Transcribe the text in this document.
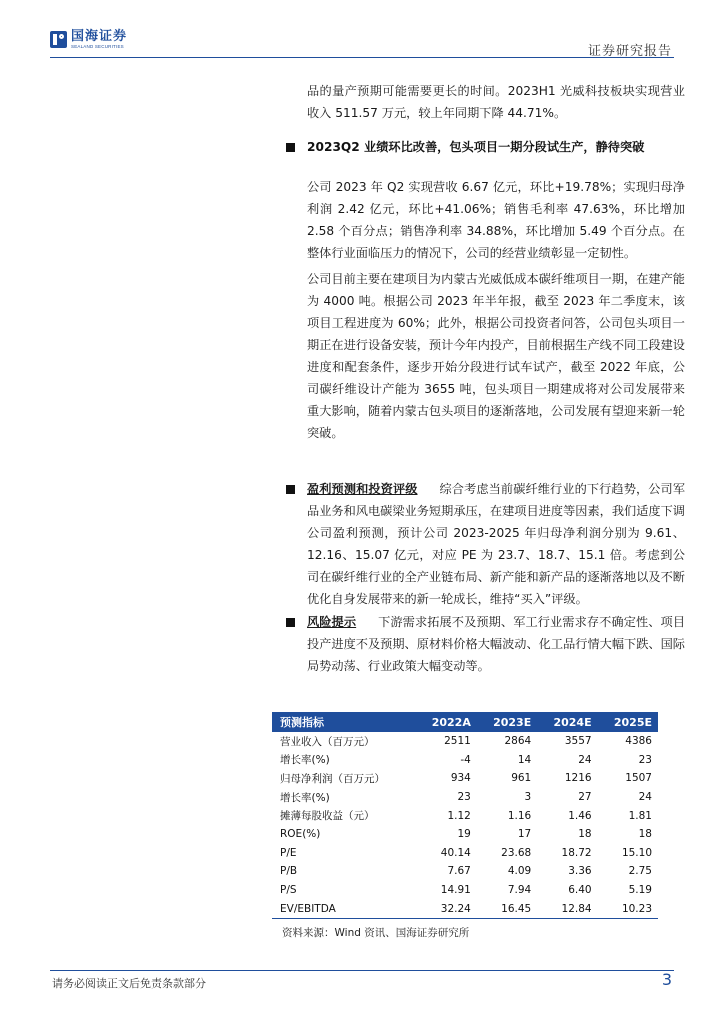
国海证券
SEALAND SECURITIES	证券研究报告

品的量产预期可能需要更长的时间。2023H1 光威科技板块实现营业收入 511.57 万元，较上年同期下降 44.71%。

2023Q2 业绩环比改善，包头项目一期分段试生产，静待突破

公司 2023 年 Q2 实现营收 6.67 亿元，环比+19.78%；实现归母净利润 2.42 亿元，环比+41.06%；销售毛利率 47.63%，环比增加 2.58 个百分点；销售净利率 34.88%，环比增加 5.49 个百分点。在整体行业面临压力的情况下，公司的经营业绩彰显一定韧性。

公司目前主要在建项目为内蒙古光威低成本碳纤维项目一期，在建产能为 4000 吨。根据公司 2023 年半年报，截至 2023 年二季度末，该项目工程进度为 60%；此外，根据公司投资者问答，公司包头项目一期正在进行设备安装，预计今年内投产，目前根据生产线不同工段建设进度和配套条件，逐步开始分段进行试车试产，截至 2022 年底，公司碳纤维设计产能为 3655 吨，包头项目一期建成将对公司发展带来重大影响，随着内蒙古包头项目的逐渐落地，公司发展有望迎来新一轮突破。

盈利预测和投资评级 综合考虑当前碳纤维行业的下行趋势，公司军品业务和风电碳梁业务短期承压，在建项目进度等因素，我们适度下调公司盈利预测，预计公司 2023-2025 年归母净利润分别为 9.61、12.16、15.07 亿元，对应 PE 为 23.7、18.7、15.1 倍。考虑到公司在碳纤维行业的全产业链布局、新产能和新产品的逐渐落地以及不断优化自身发展带来的新一轮成长，维持“买入”评级。

风险提示 下游需求拓展不及预期、军工行业需求存不确定性、项目投产进度不及预期、原材料价格大幅波动、化工品行情大幅下跌、国际局势动荡、行业政策大幅变动等。

预测指标	2022A	2023E	2024E	2025E
营业收入（百万元）	2511	2864	3557	4386
增长率(%)	-4	14	24	23
归母净利润（百万元）	934	961	1216	1507
增长率(%)	23	3	27	24
摊薄每股收益（元）	1.12	1.16	1.46	1.81
ROE(%)	19	17	18	18
P/E	40.14	23.68	18.72	15.10
P/B	7.67	4.09	3.36	2.75
P/S	14.91	7.94	6.40	5.19
EV/EBITDA	32.24	16.45	12.84	10.23
资料来源：Wind 资讯、国海证券研究所
请务必阅读正文后免责条款部分	3
